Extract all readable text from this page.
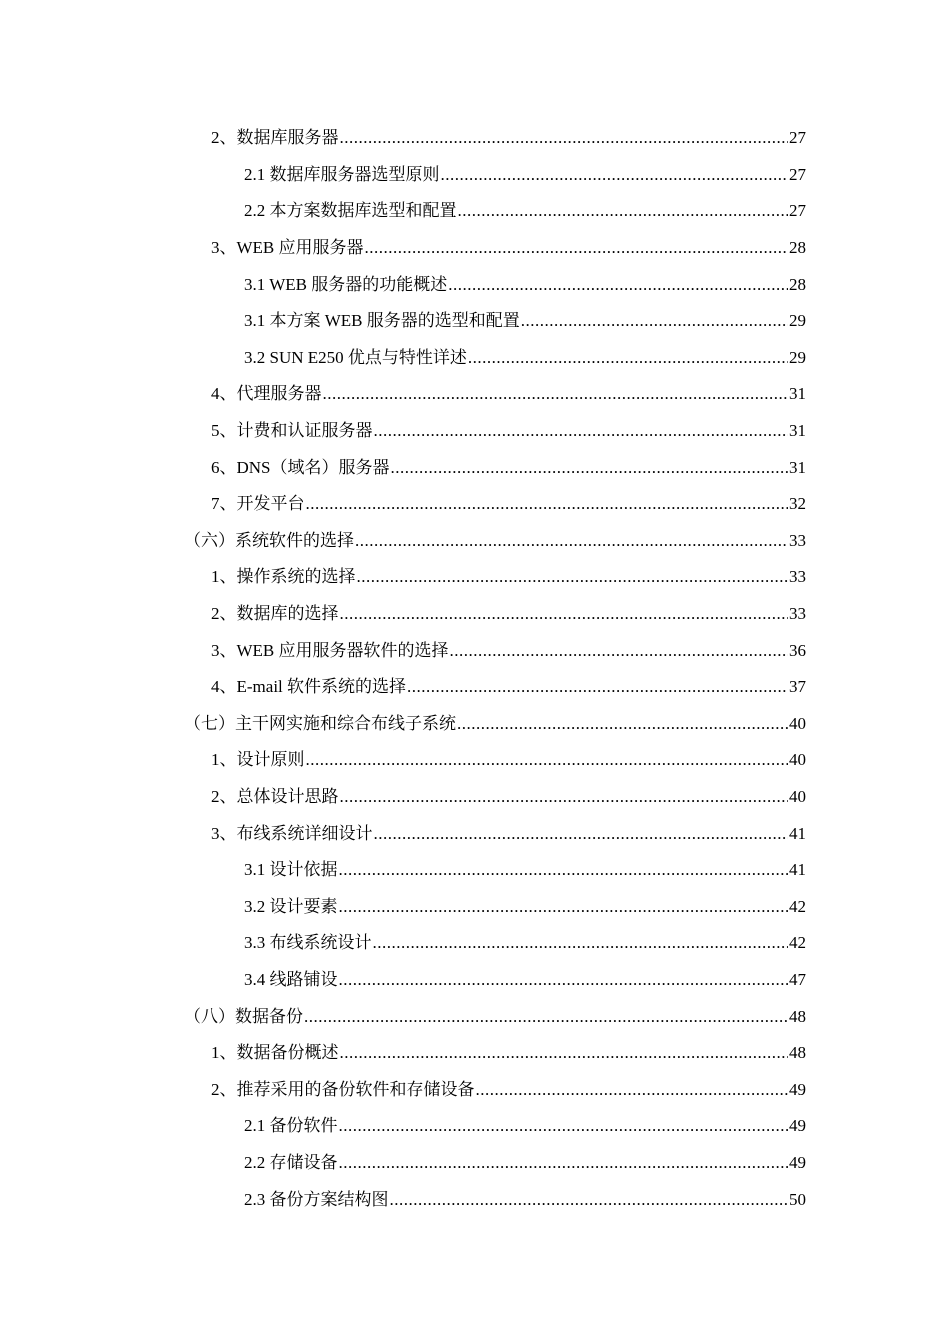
2、数据库服务器 .....	27
2.1 数据库服务器选型原则 .....	27
2.2 本方案数据库选型和配置 .....	27
3、WEB 应用服务器 .....	28
3.1 WEB 服务器的功能概述 .....	28
3.1 本方案 WEB 服务器的选型和配置 .....	29
3.2 SUN E250 优点与特性详述 .....	29
4、代理服务器 .....	31
5、计费和认证服务器 .....	31
6、DNS（域名）服务器 .....	31
7、开发平台 .....	32
（六）系统软件的选择 .....	33
1、操作系统的选择 .....	33
2、数据库的选择 .....	33
3、WEB 应用服务器软件的选择 .....	36
4、E-mail 软件系统的选择 .....	37
（七）主干网实施和综合布线子系统 .....	40
1、设计原则 .....	40
2、总体设计思路 .....	40
3、布线系统详细设计 .....	41
3.1 设计依据 .....	41
3.2 设计要素 .....	42
3.3 布线系统设计 .....	42
3.4 线路铺设 .....	47
（八）数据备份 .....	48
1、数据备份概述 .....	48
2、推荐采用的备份软件和存储设备 .....	49
2.1 备份软件 .....	49
2.2 存储设备 .....	49
2.3 备份方案结构图 .....	50
